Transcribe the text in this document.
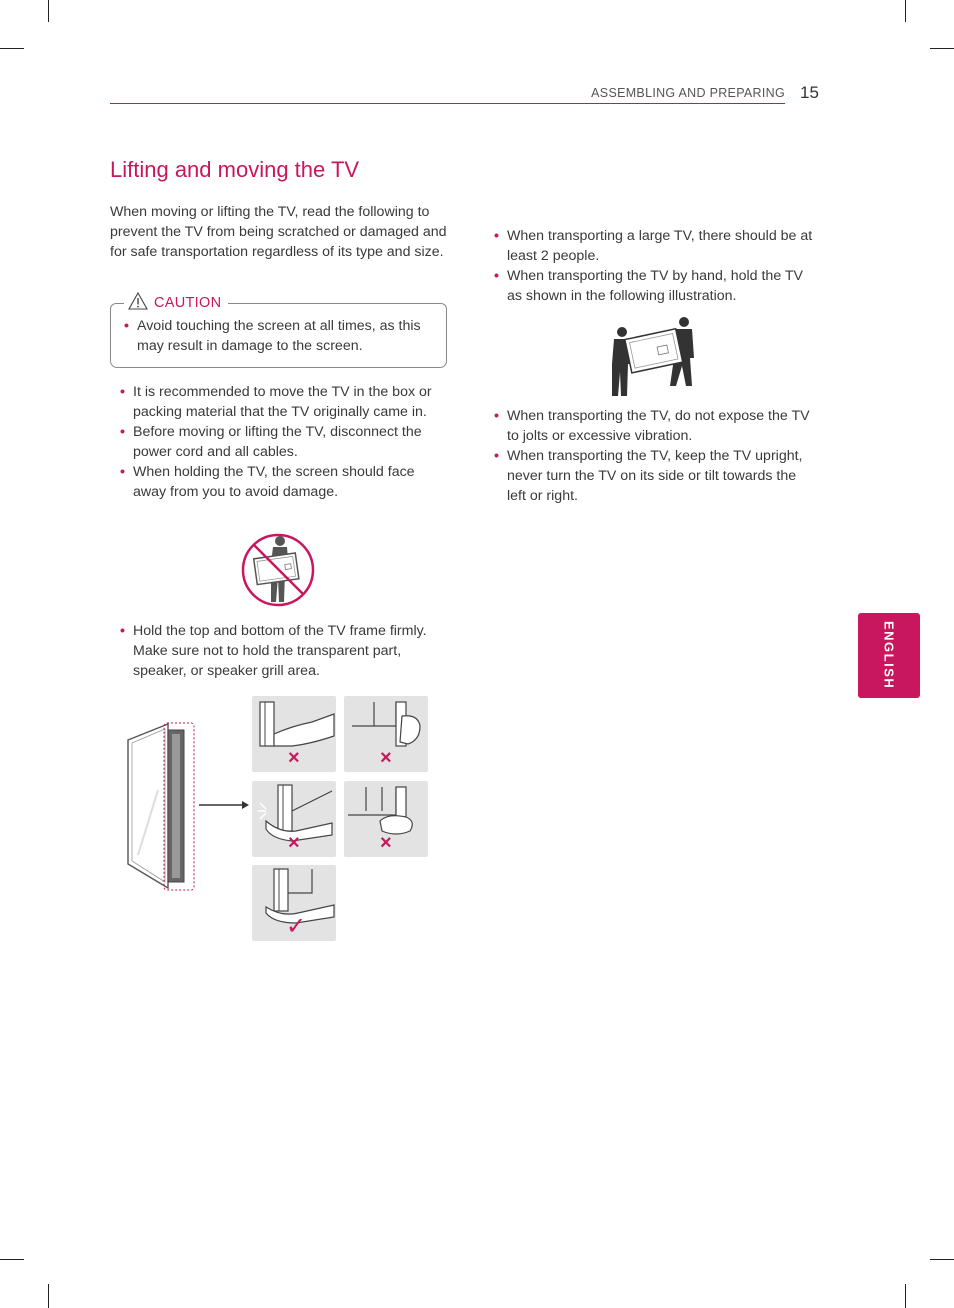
ASSEMBLING AND PREPARING 15
Lifting and moving the TV

When moving or lifting the TV, read the following to prevent the TV from being scratched or damaged and for safe transportation regardless of its type and size.

• Avoid touching the screen at all times, as this may result in damage to the screen.
CAUTION
• It is recommended to move the TV in the box or packing material that the TV originally came in.
• Before moving or lifting the TV, disconnect the power cord and all cables.
• When holding the TV, the screen should face away from you to avoid damage.
• Hold the top and bottom of the TV frame firmly. Make sure not to hold the transparent part, speaker, or speaker grill area.
×	×
×	×
✓
• When transporting a large TV, there should be at least 2 people.
• When transporting the TV by hand, hold the TV as shown in the following illustration.
• When transporting the TV, do not expose the TV to jolts or excessive vibration.
• When transporting the TV, keep the TV upright, never turn the TV on its side or tilt towards the left or right.
ENGLISH
